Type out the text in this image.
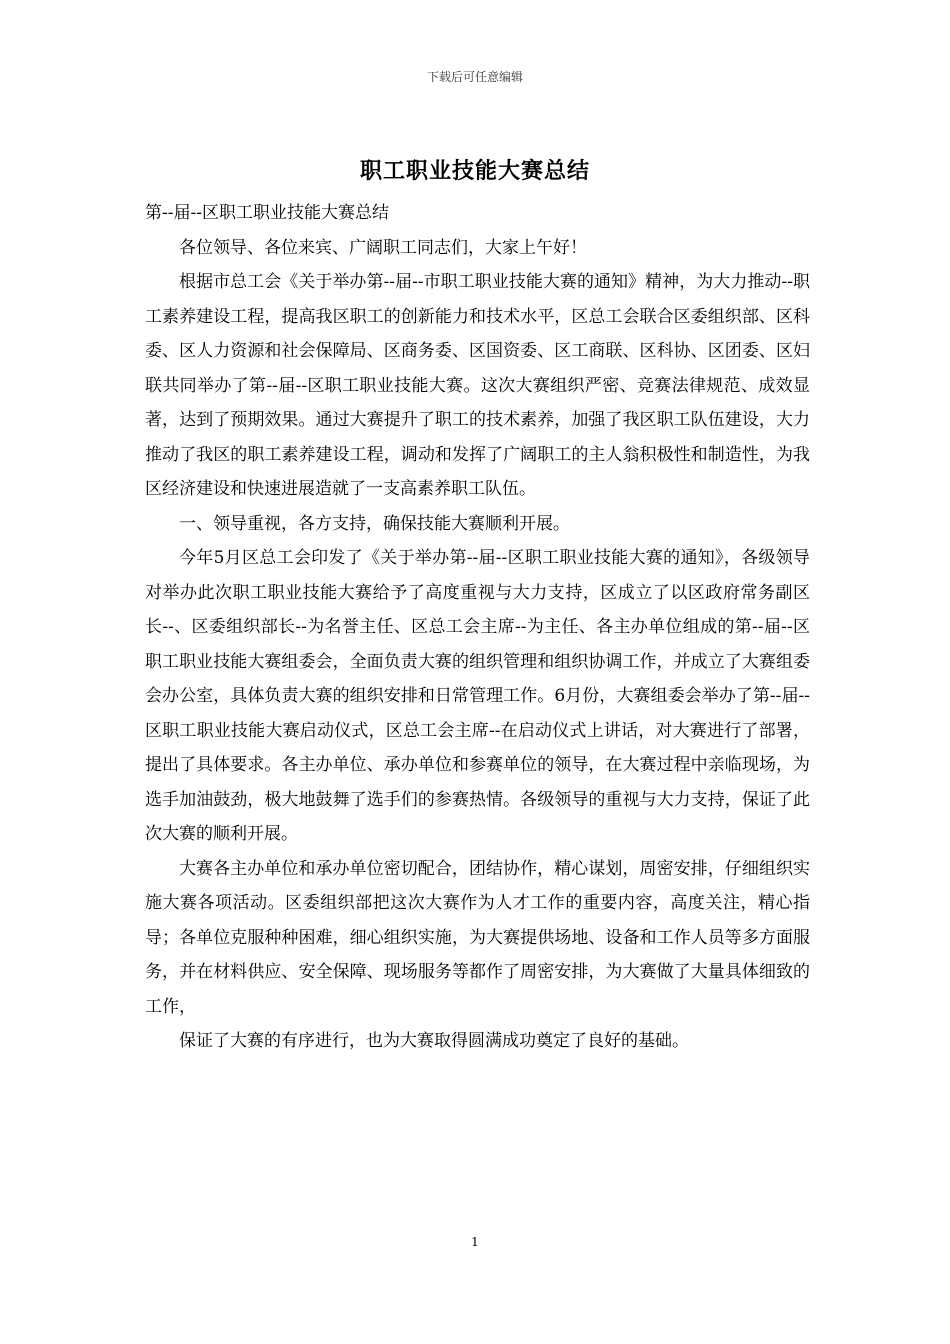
下载后可任意编辑
职工职业技能大赛总结

第--届--区职工职业技能大赛总结

各位领导、各位来宾、广阔职工同志们，大家上午好！

根据市总工会《关于举办第--届--市职工职业技能大赛的通知》精神，为大力推动--职工素养建设工程，提高我区职工的创新能力和技术水平，区总工会联合区委组织部、区科委、区人力资源和社会保障局、区商务委、区国资委、区工商联、区科协、区团委、区妇联共同举办了第--届--区职工职业技能大赛。这次大赛组织严密、竞赛法律规范、成效显著，达到了预期效果。通过大赛提升了职工的技术素养，加强了我区职工队伍建设，大力推动了我区的职工素养建设工程，调动和发挥了广阔职工的主人翁积极性和制造性，为我区经济建设和快速进展造就了一支高素养职工队伍。

一、领导重视，各方支持，确保技能大赛顺利开展。

今年5月区总工会印发了《关于举办第--届--区职工职业技能大赛的通知》，各级领导对举办此次职工职业技能大赛给予了高度重视与大力支持，区成立了以区政府常务副区长--、区委组织部长--为名誉主任、区总工会主席--为主任、各主办单位组成的第--届--区职工职业技能大赛组委会，全面负责大赛的组织管理和组织协调工作，并成立了大赛组委会办公室，具体负责大赛的组织安排和日常管理工作。6月份，大赛组委会举办了第--届--区职工职业技能大赛启动仪式，区总工会主席--在启动仪式上讲话，对大赛进行了部署，提出了具体要求。各主办单位、承办单位和参赛单位的领导，在大赛过程中亲临现场，为选手加油鼓劲，极大地鼓舞了选手们的参赛热情。各级领导的重视与大力支持，保证了此次大赛的顺利开展。

大赛各主办单位和承办单位密切配合，团结协作，精心谋划，周密安排，仔细组织实施大赛各项活动。区委组织部把这次大赛作为人才工作的重要内容，高度关注，精心指导；各单位克服种种困难，细心组织实施，为大赛提供场地、设备和工作人员等多方面服务，并在材料供应、安全保障、现场服务等都作了周密安排，为大赛做了大量具体细致的工作，

保证了大赛的有序进行，也为大赛取得圆满成功奠定了良好的基础。

1
